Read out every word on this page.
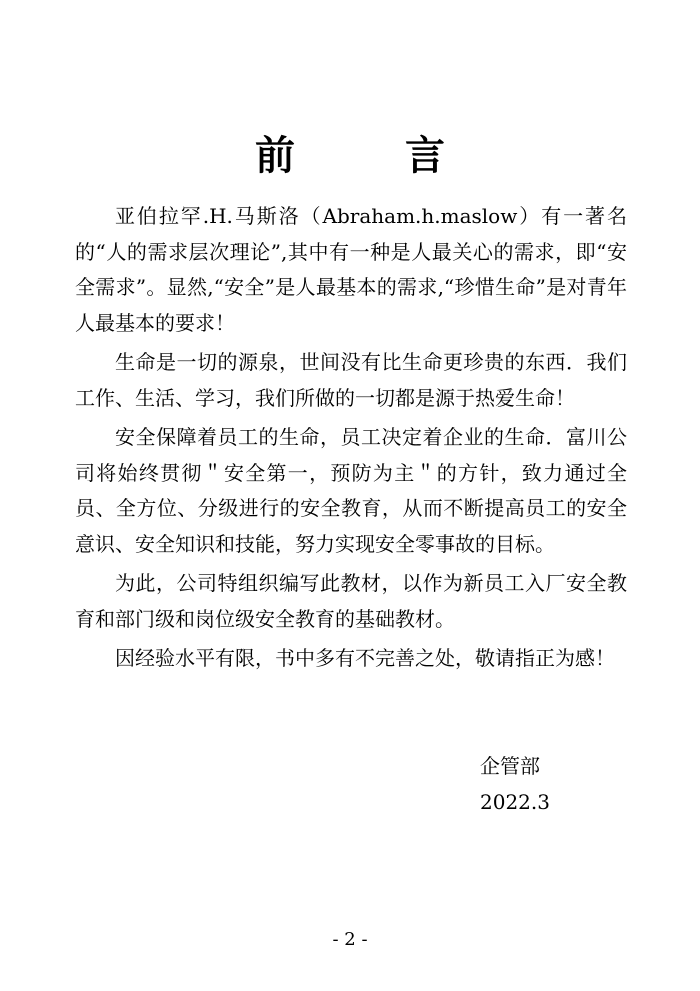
前 言

亚伯拉罕.H.马斯洛（Abraham.h.maslow）有一著名的“人的需求层次理论”,其中有一种是人最关心的需求，即“安全需求”。显然,“安全”是人最基本的需求,“珍惜生命”是对青年人最基本的要求！

生命是一切的源泉，世间没有比生命更珍贵的东西．我们工作、生活、学习，我们所做的一切都是源于热爱生命！

安全保障着员工的生命，员工决定着企业的生命．富川公司将始终贯彻＂安全第一，预防为主＂的方针，致力通过全员、全方位、分级进行的安全教育，从而不断提高员工的安全意识、安全知识和技能，努力实现安全零事故的目标。

为此，公司特组织编写此教材，以作为新员工入厂安全教育和部门级和岗位级安全教育的基础教材。

因经验水平有限，书中多有不完善之处，敬请指正为感！

企管部
2022.3
- 2 -
